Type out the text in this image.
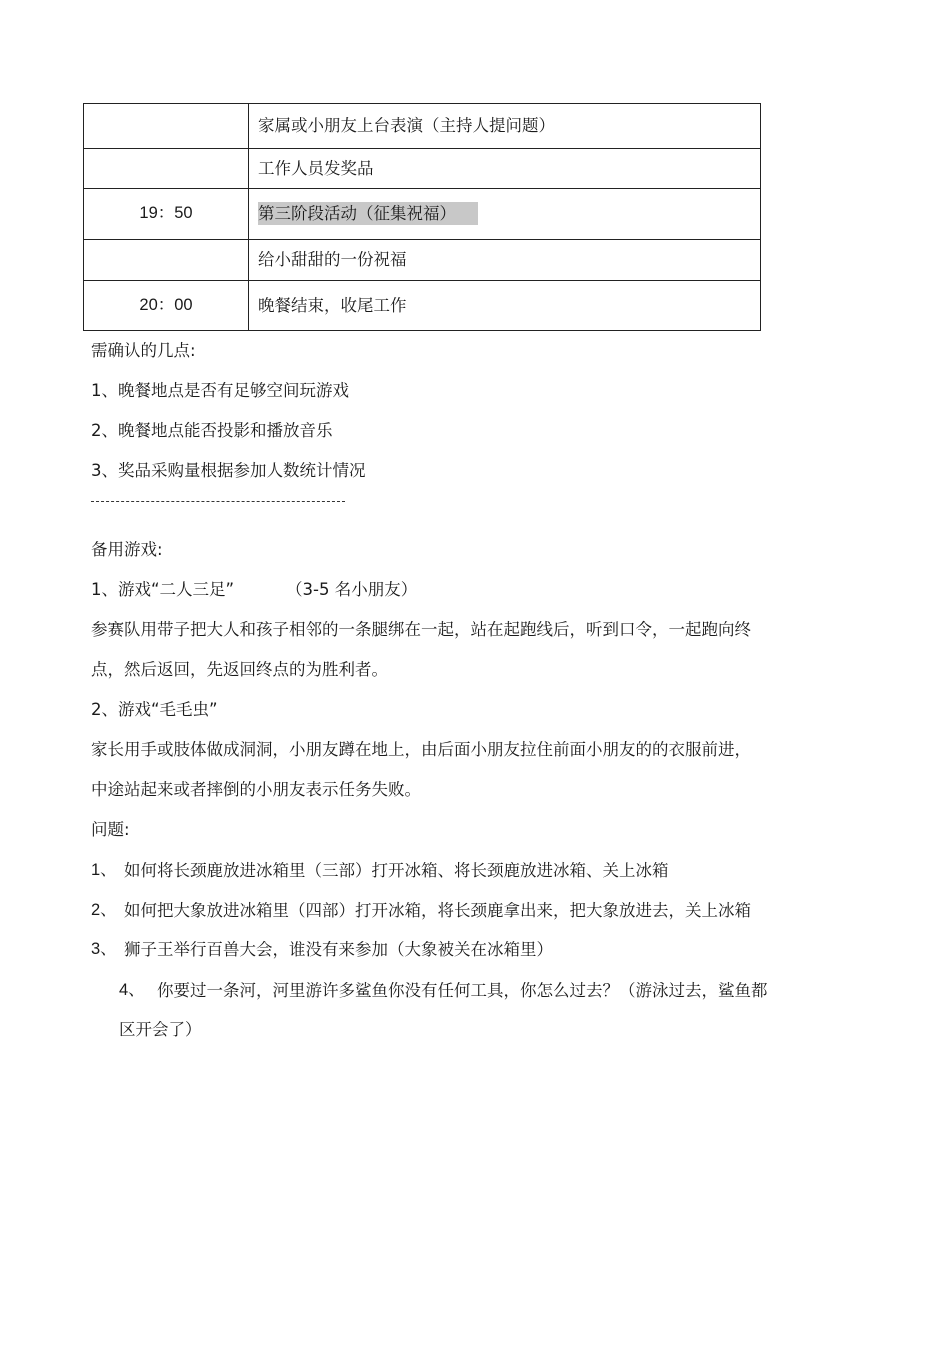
	家属或小朋友上台表演（主持人提问题）
	工作人员发奖品
19：50	第三阶段活动（征集祝福）
	给小甜甜的一份祝福
20：00	晚餐结束，收尾工作
需确认的几点:
1、晚餐地点是否有足够空间玩游戏
2、晚餐地点能否投影和播放音乐
3、奖品采购量根据参加人数统计情况
备用游戏:
1、游戏“二人三足”	（3-5 名小朋友）
参赛队用带子把大人和孩子相邻的一条腿绑在一起，站在起跑线后，听到口令，一起跑向终
点，然后返回，先返回终点的为胜利者。
2、游戏“毛毛虫”
家长用手或肢体做成洞洞，小朋友蹲在地上，由后面小朋友拉住前面小朋友的的衣服前进，
中途站起来或者摔倒的小朋友表示任务失败。
问题:
1、 如何将长颈鹿放进冰箱里（三部）打开冰箱、将长颈鹿放进冰箱、关上冰箱
2、 如何把大象放进冰箱里（四部）打开冰箱，将长颈鹿拿出来，把大象放进去，关上冰箱
3、 狮子王举行百兽大会，谁没有来参加（大象被关在冰箱里）
4、 你要过一条河，河里游许多鲨鱼你没有任何工具，你怎么过去？（游泳过去，鲨鱼都
区开会了）
